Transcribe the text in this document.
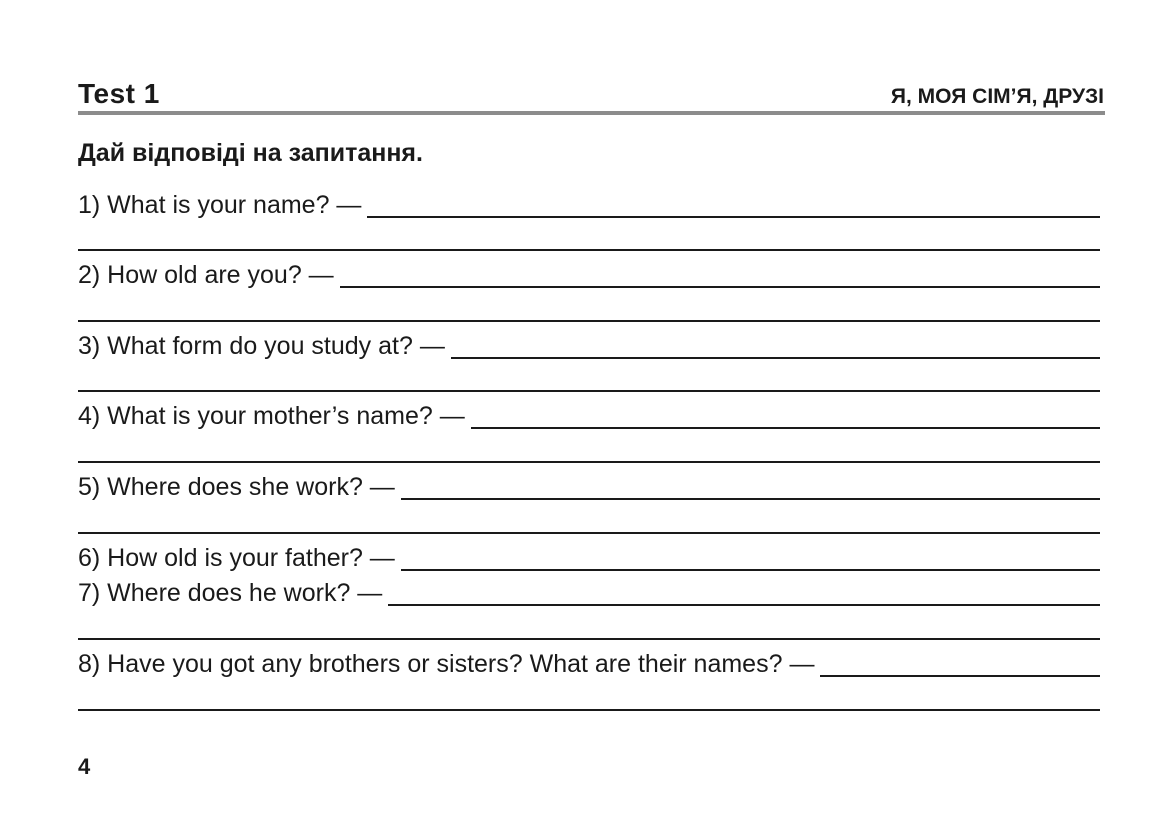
Test 1	Я, МОЯ СІМ’Я, ДРУЗІ
Дай відповіді на запитання.
1) What is your name? —
2) How old are you? —
3) What form do you study at? —
4) What is your mother’s name? —
5) Where does she work? —
6) How old is your father? —
7) Where does he work? —
8) Have you got any brothers or sisters? What are their names? —
4
